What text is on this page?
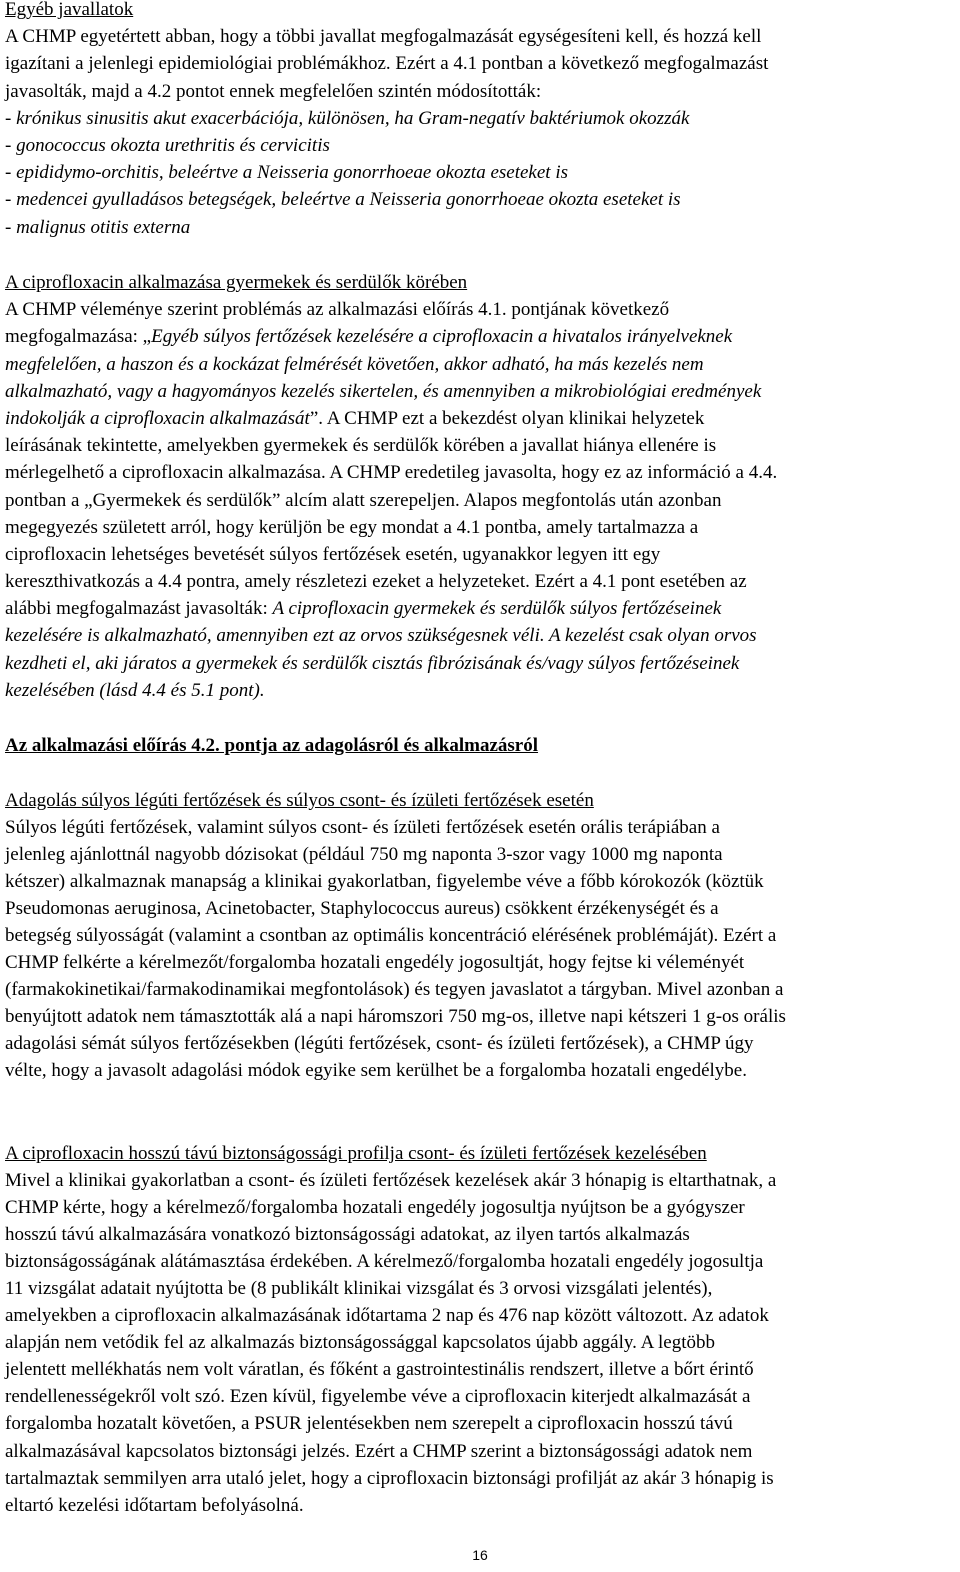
Egyéb javallatok
A CHMP egyetértett abban, hogy a többi javallat megfogalmazását egységesíteni kell, és hozzá kell
igazítani a jelenlegi epidemiológiai problémákhoz. Ezért a 4.1 pontban a következő megfogalmazást
javasolták, majd a 4.2 pontot ennek megfelelően szintén módosították:
- krónikus sinusitis akut exacerbációja, különösen, ha Gram-negatív baktériumok okozzák
- gonococcus okozta urethritis és cervicitis
- epididymo-orchitis, beleértve a Neisseria gonorrhoeae okozta eseteket is
- medencei gyulladásos betegségek, beleértve a Neisseria gonorrhoeae okozta eseteket is
- malignus otitis externa
A ciprofloxacin alkalmazása gyermekek és serdülők körében
A CHMP véleménye szerint problémás az alkalmazási előírás 4.1. pontjának következő
megfogalmazása: „Egyéb súlyos fertőzések kezelésére a ciprofloxacin a hivatalos irányelveknek
megfelelően, a haszon és a kockázat felmérését követően, akkor adható, ha más kezelés nem
alkalmazható, vagy a hagyományos kezelés sikertelen, és amennyiben a mikrobiológiai eredmények
indokolják a ciprofloxacin alkalmazását”. A CHMP ezt a bekezdést olyan klinikai helyzetek
leírásának tekintette, amelyekben gyermekek és serdülők körében a javallat hiánya ellenére is
mérlegelhető a ciprofloxacin alkalmazása. A CHMP eredetileg javasolta, hogy ez az információ a 4.4.
pontban a „Gyermekek és serdülők” alcím alatt szerepeljen. Alapos megfontolás után azonban
megegyezés született arról, hogy kerüljön be egy mondat a 4.1 pontba, amely tartalmazza a
ciprofloxacin lehetséges bevetését súlyos fertőzések esetén, ugyanakkor legyen itt egy
kereszthivatkozás a 4.4 pontra, amely részletezi ezeket a helyzeteket. Ezért a 4.1 pont esetében az
alábbi megfogalmazást javasolták: A ciprofloxacin gyermekek és serdülők súlyos fertőzéseinek
kezelésére is alkalmazható, amennyiben ezt az orvos szükségesnek véli. A kezelést csak olyan orvos
kezdheti el, aki járatos a gyermekek és serdülők cisztás fibrózisának és/vagy súlyos fertőzéseinek
kezelésében (lásd 4.4 és 5.1 pont).
Az alkalmazási előírás 4.2. pontja az adagolásról és alkalmazásról
Adagolás súlyos légúti fertőzések és súlyos csont- és ízületi fertőzések esetén
Súlyos légúti fertőzések, valamint súlyos csont- és ízületi fertőzések esetén orális terápiában a
jelenleg ajánlottnál nagyobb dózisokat (például 750 mg naponta 3-szor vagy 1000 mg naponta
kétszer) alkalmaznak manapság a klinikai gyakorlatban, figyelembe véve a főbb kórokozók (köztük
Pseudomonas aeruginosa, Acinetobacter, Staphylococcus aureus) csökkent érzékenységét és a
betegség súlyosságát (valamint a csontban az optimális koncentráció elérésének problémáját). Ezért a
CHMP felkérte a kérelmezőt/forgalomba hozatali engedély jogosultját, hogy fejtse ki véleményét
(farmakokinetikai/farmakodinamikai megfontolások) és tegyen javaslatot a tárgyban. Mivel azonban a
benyújtott adatok nem támasztották alá a napi háromszori 750 mg-os, illetve napi kétszeri 1 g-os orális
adagolási sémát súlyos fertőzésekben (légúti fertőzések, csont- és ízületi fertőzések), a CHMP úgy
vélte, hogy a javasolt adagolási módok egyike sem kerülhet be a forgalomba hozatali engedélybe.
A ciprofloxacin hosszú távú biztonságossági profilja csont- és ízületi fertőzések kezelésében
Mivel a klinikai gyakorlatban a csont- és ízületi fertőzések kezelések akár 3 hónapig is eltarthatnak, a
CHMP kérte, hogy a kérelmező/forgalomba hozatali engedély jogosultja nyújtson be a gyógyszer
hosszú távú alkalmazására vonatkozó biztonságossági adatokat, az ilyen tartós alkalmazás
biztonságosságának alátámasztása érdekében. A kérelmező/forgalomba hozatali engedély jogosultja
11 vizsgálat adatait nyújtotta be (8 publikált klinikai vizsgálat és 3 orvosi vizsgálati jelentés),
amelyekben a ciprofloxacin alkalmazásának időtartama 2 nap és 476 nap között változott. Az adatok
alapján nem vetődik fel az alkalmazás biztonságossággal kapcsolatos újabb aggály. A legtöbb
jelentett mellékhatás nem volt váratlan, és főként a gastrointestinális rendszert, illetve a bőrt érintő
rendellenességekről volt szó. Ezen kívül, figyelembe véve a ciprofloxacin kiterjedt alkalmazását a
forgalomba hozatalt követően, a PSUR jelentésekben nem szerepelt a ciprofloxacin hosszú távú
alkalmazásával kapcsolatos biztonsági jelzés. Ezért a CHMP szerint a biztonságossági adatok nem
tartalmaztak semmilyen arra utaló jelet, hogy a ciprofloxacin biztonsági profilját az akár 3 hónapig is
eltartó kezelési időtartam befolyásolná.
16
